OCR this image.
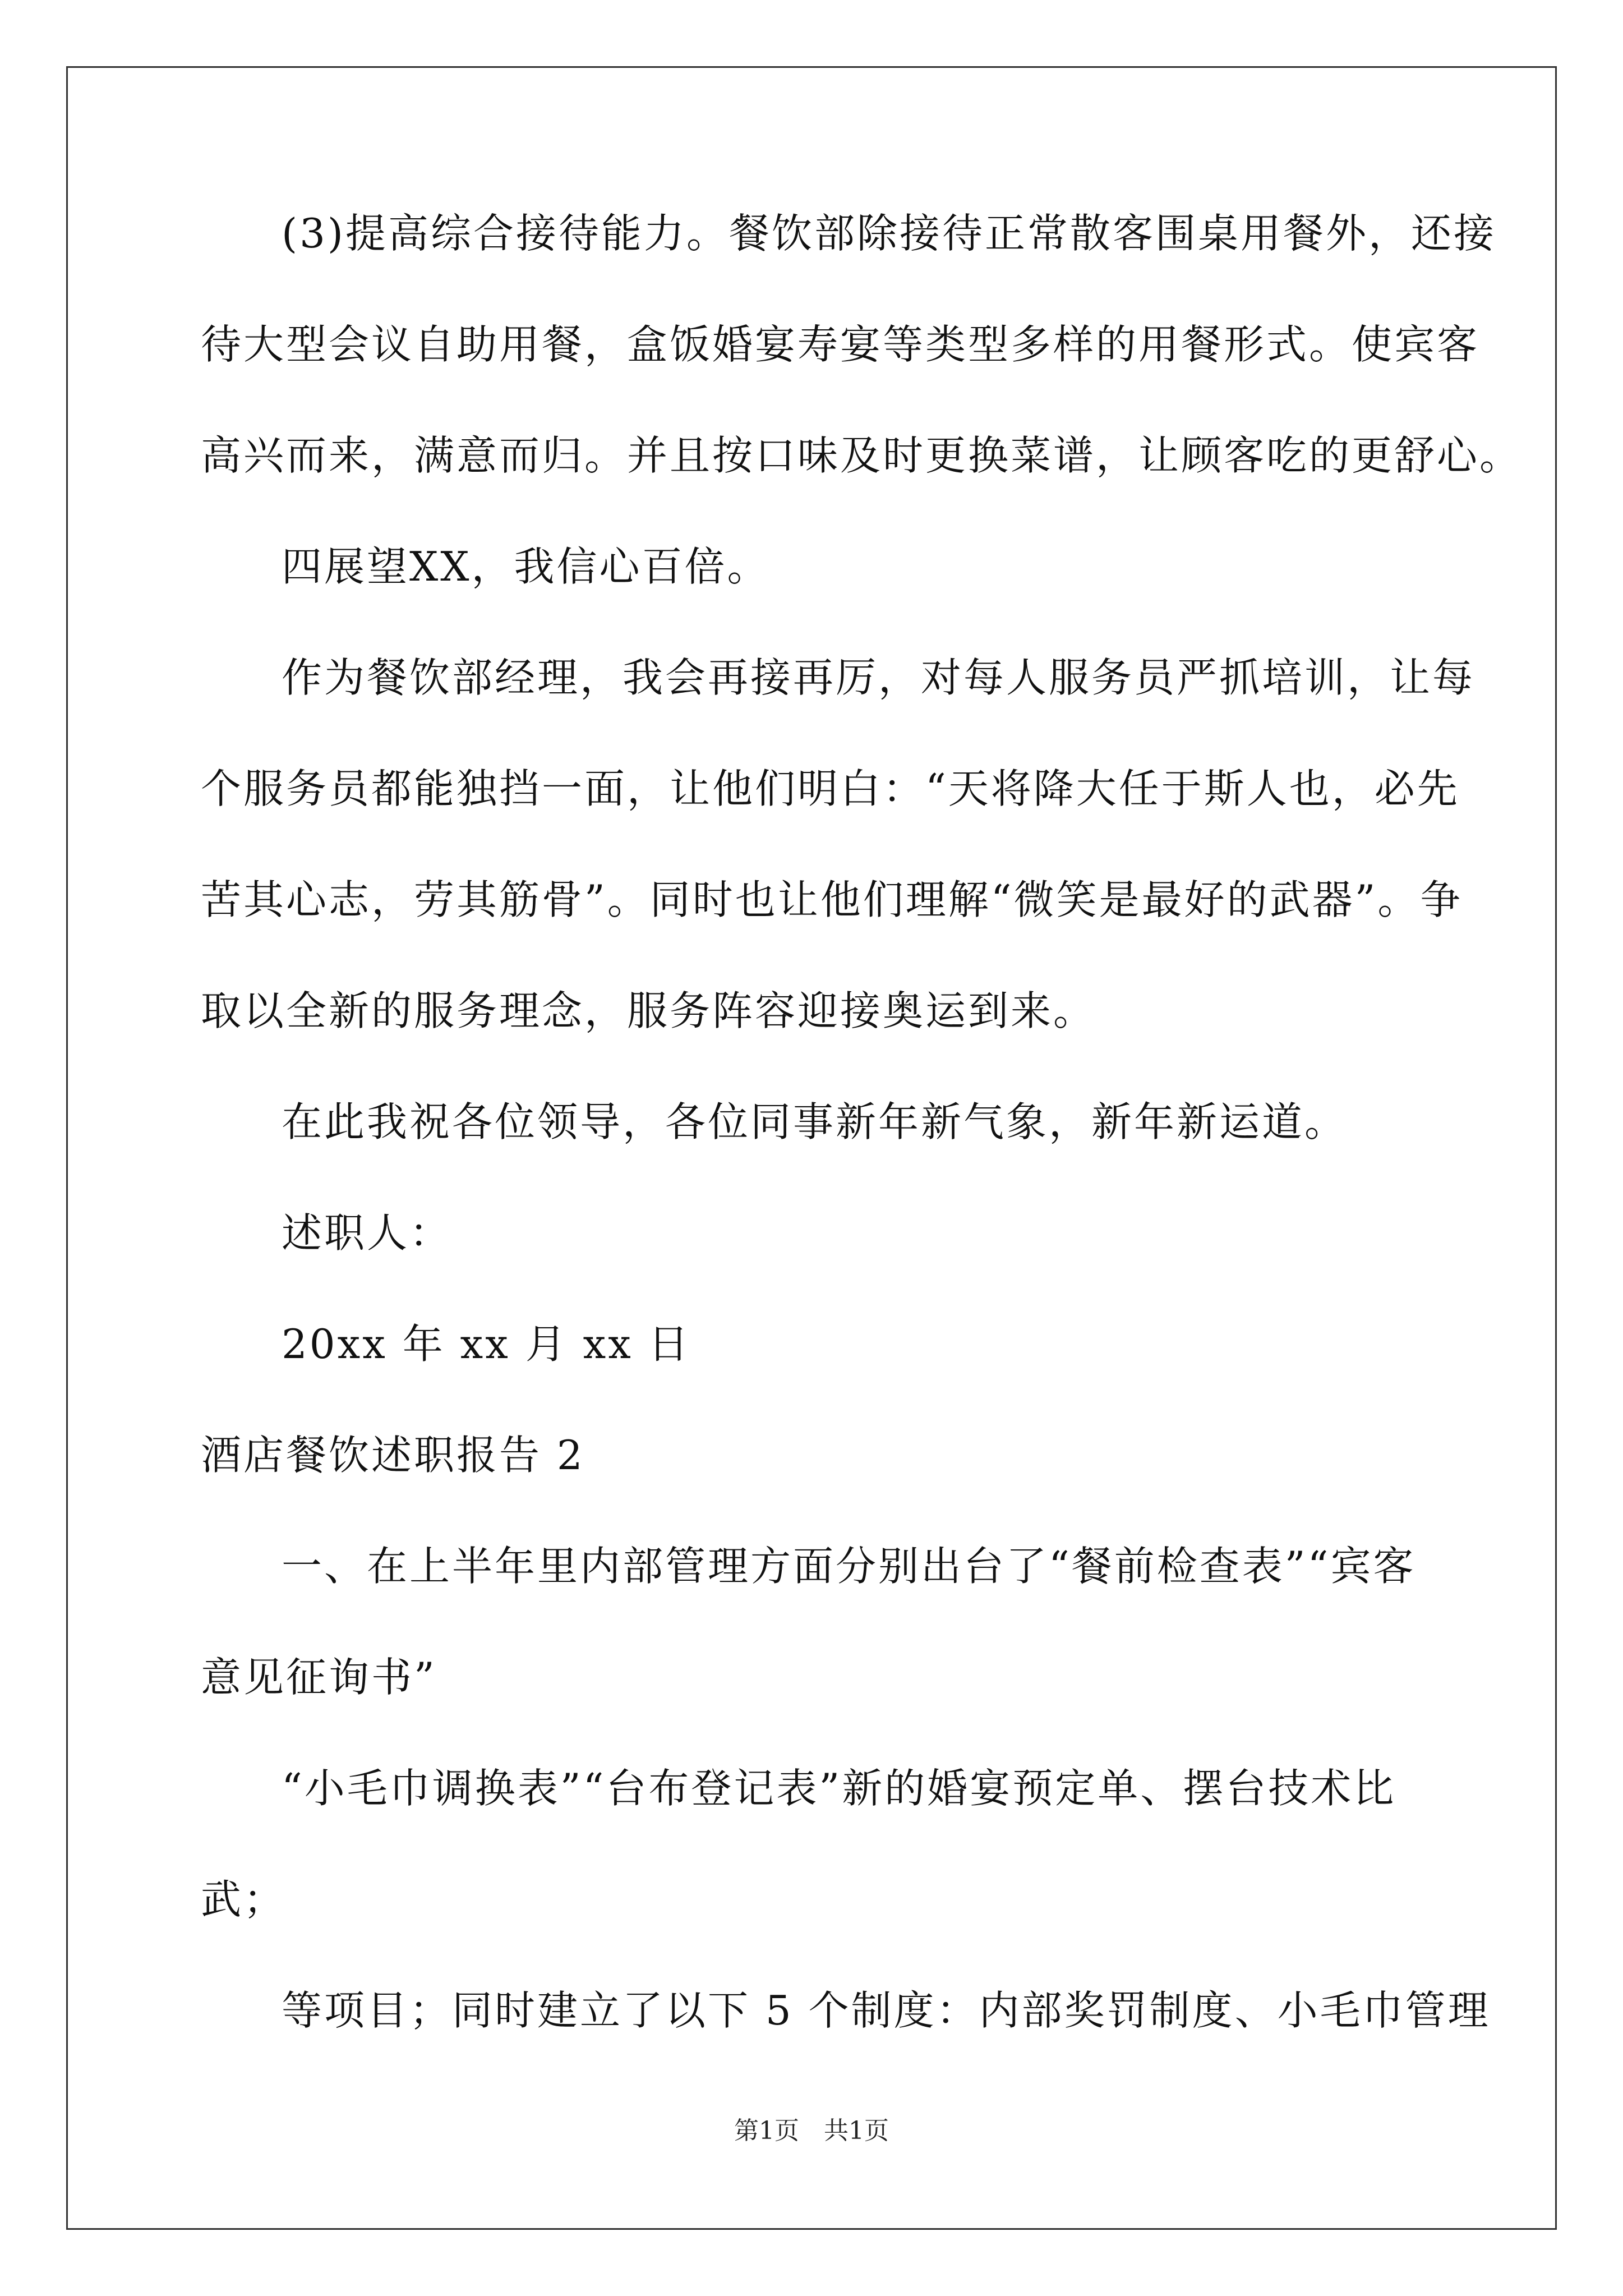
(3)提高综合接待能力。餐饮部除接待正常散客围桌用餐外，还接
待大型会议自助用餐，盒饭婚宴寿宴等类型多样的用餐形式。使宾客
高兴而来，满意而归。并且按口味及时更换菜谱，让顾客吃的更舒心。
四展望XX，我信心百倍。
作为餐饮部经理，我会再接再厉，对每人服务员严抓培训，让每
个服务员都能独挡一面，让他们明白：“天将降大任于斯人也，必先
苦其心志，劳其筋骨”。同时也让他们理解“微笑是最好的武器”。争
取以全新的服务理念，服务阵容迎接奥运到来。
在此我祝各位领导，各位同事新年新气象，新年新运道。
述职人：
20xx 年 xx 月 xx 日
酒店餐饮述职报告 2
一、在上半年里内部管理方面分别出台了“餐前检查表”“宾客
意见征询书”
“小毛巾调换表”“台布登记表”新的婚宴预定单、摆台技术比
武；
等项目；同时建立了以下 5 个制度：内部奖罚制度、小毛巾管理
第1页　共1页
